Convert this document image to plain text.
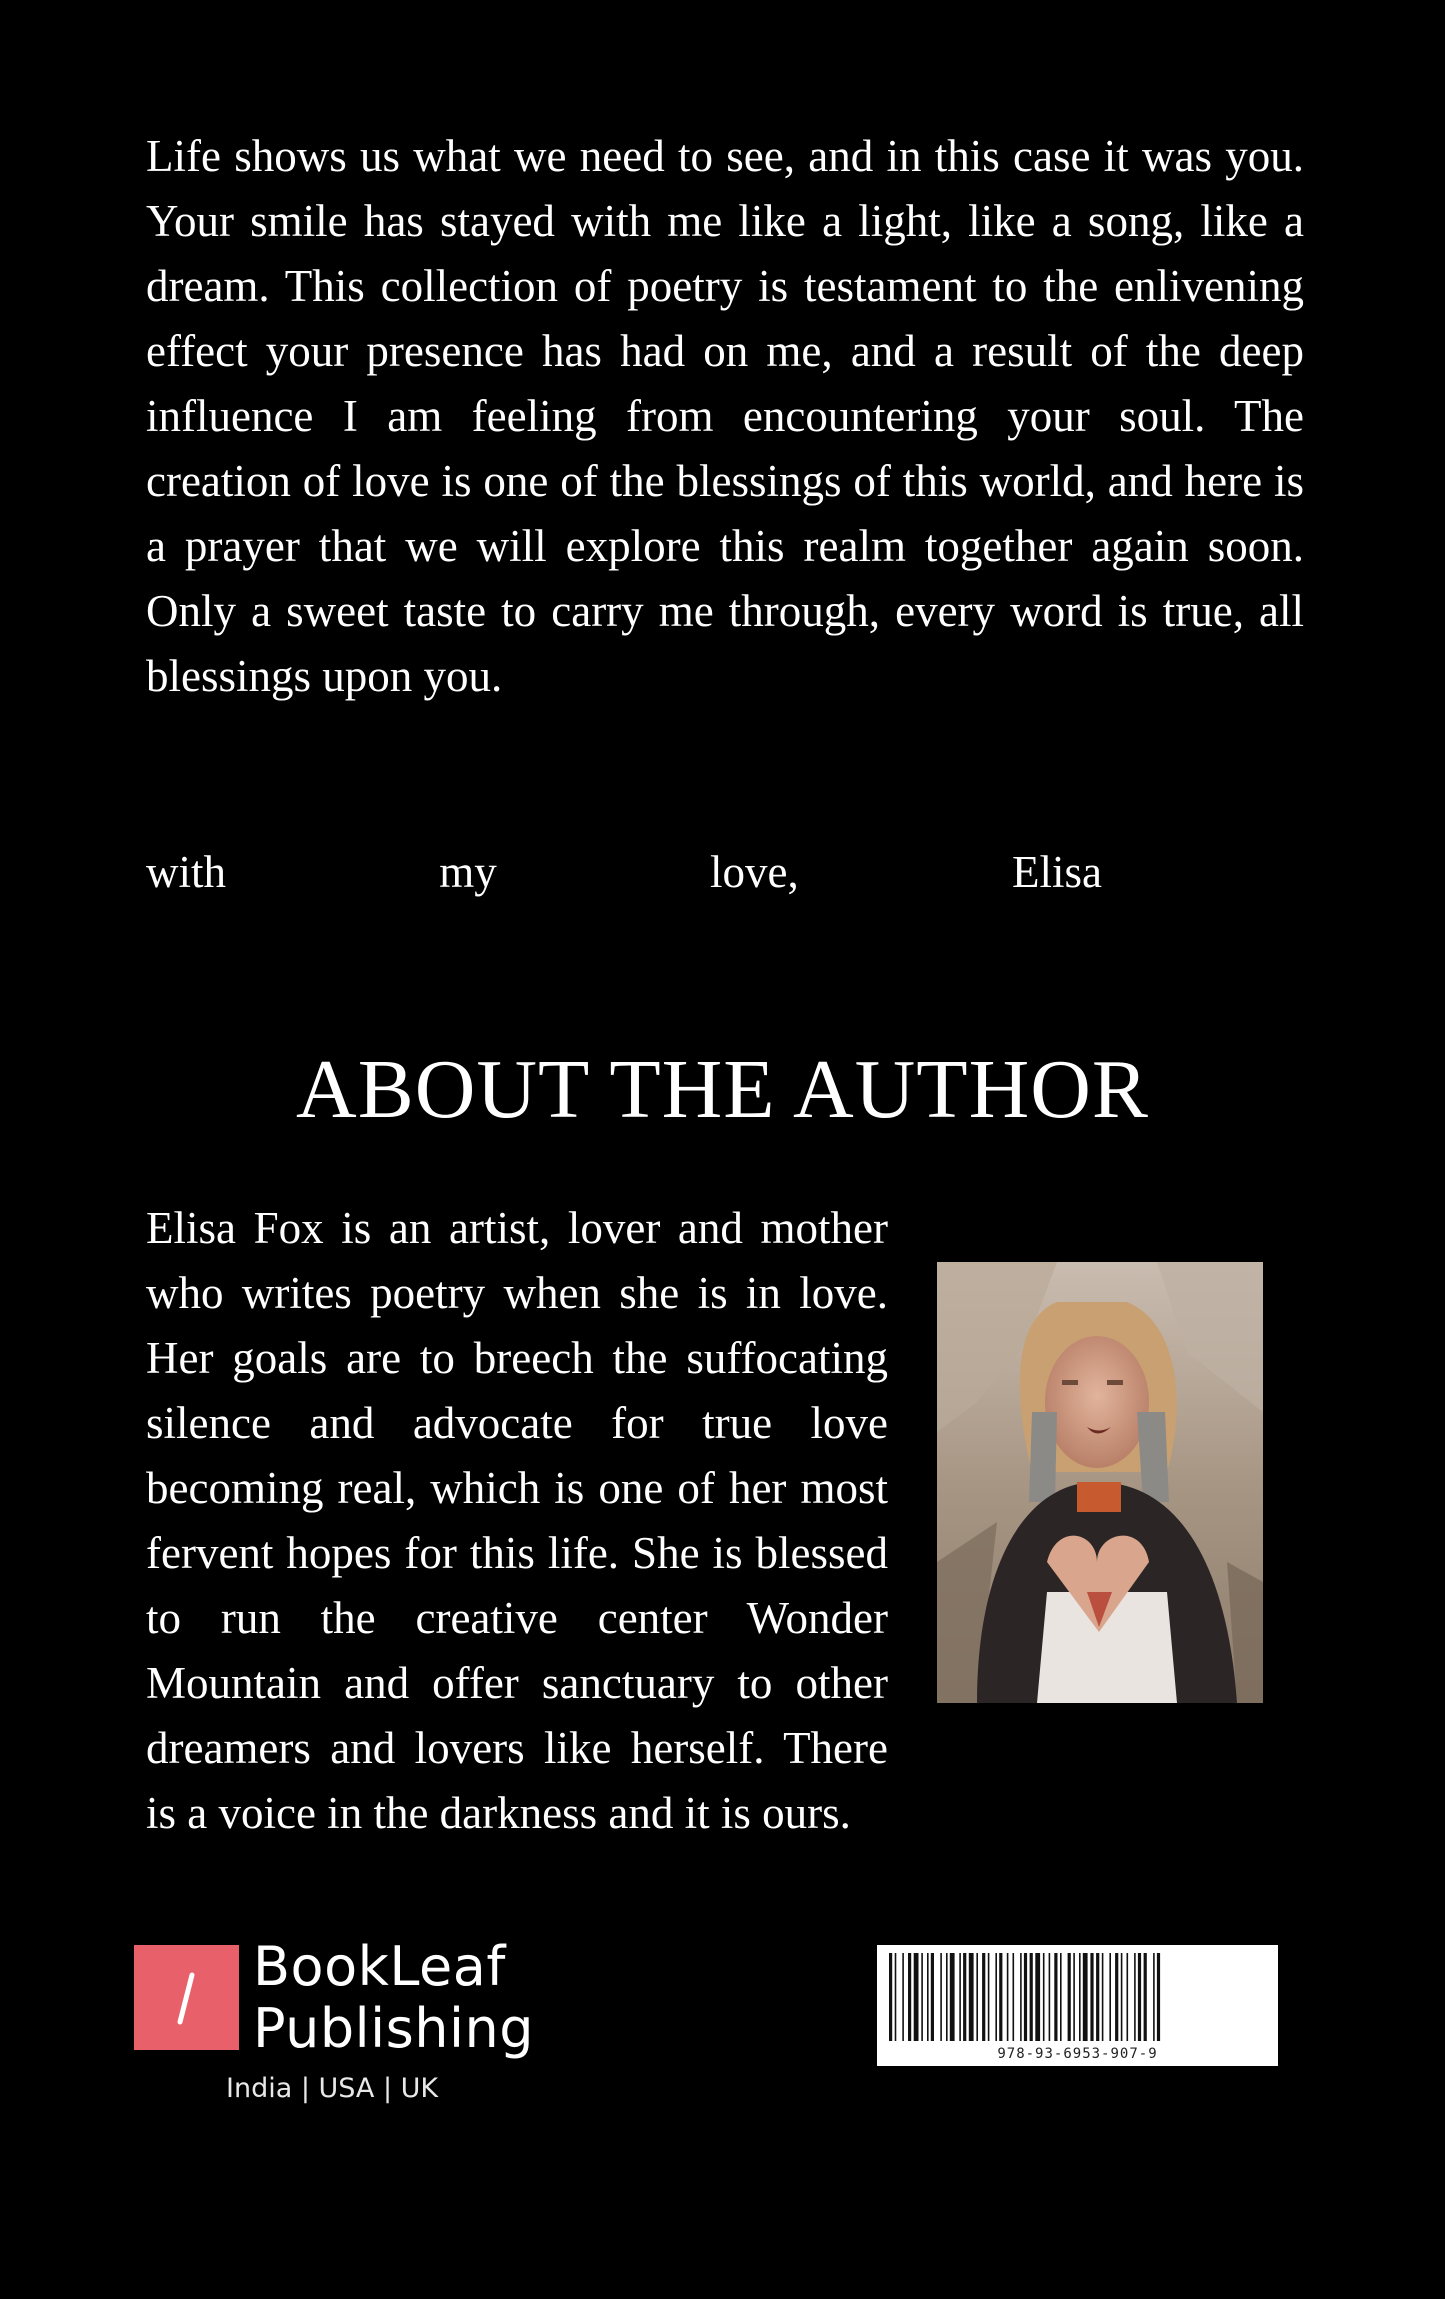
Life shows us what we need to see, and in this case it was you. Your smile has stayed with me like a light, like a song, like a dream. This collection of poetry is testament to the enlivening effect your presence has had on me, and a result of the deep influence I am feeling from encountering your soul. The creation of love is one of the blessings of this world, and here is a prayer that we will explore this realm together again soon. Only a sweet taste to carry me through, every word is true, all blessings upon you.

with	my	love,	Elisa
ABOUT THE AUTHOR

Elisa Fox is an artist, lover and mother who writes poetry when she is in love. Her goals are to breech the suffocating silence and advocate for true love becoming real, which is one of her most fervent hopes for this life. She is blessed to run the creative center Wonder Mountain and offer sanctuary to other dreamers and lovers like herself. There is a voice in the darkness and it is ours.

BookLeaf
Publishing
India | USA | UK
978-93-6953-907-9
